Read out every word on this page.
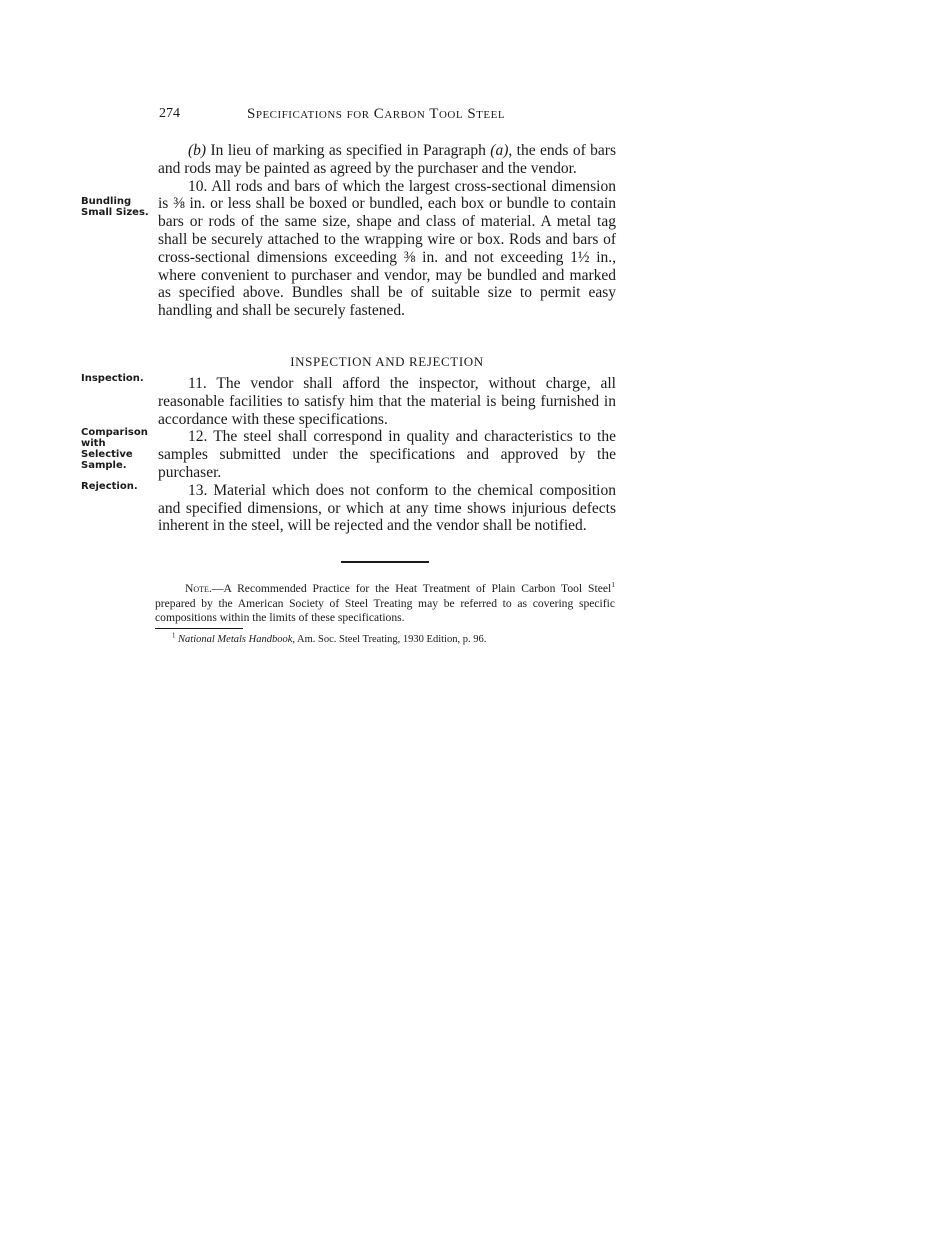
274	Specifications for Carbon Tool Steel
Bundling Small Sizes.
Inspection.
Comparison with Selective Sample.
Rejection.

(b) In lieu of marking as specified in Paragraph (a), the ends of bars and rods may be painted as agreed by the purchaser and the vendor.

10. All rods and bars of which the largest cross-sectional dimension is ⅜ in. or less shall be boxed or bundled, each box or bundle to contain bars or rods of the same size, shape and class of material. A metal tag shall be securely attached to the wrapping wire or box. Rods and bars of cross-sectional dimensions exceeding ⅜ in. and not exceeding 1½ in., where convenient to purchaser and vendor, may be bundled and marked as specified above. Bundles shall be of suitable size to permit easy handling and shall be securely fastened.

INSPECTION AND REJECTION

11. The vendor shall afford the inspector, without charge, all reasonable facilities to satisfy him that the material is being furnished in accordance with these specifications.

12. The steel shall correspond in quality and characteristics to the samples submitted under the specifications and approved by the purchaser.

13. Material which does not conform to the chemical composition and specified dimensions, or which at any time shows injurious defects inherent in the steel, will be rejected and the vendor shall be notified.

Note.—A Recommended Practice for the Heat Treatment of Plain Carbon Tool Steel$^1$ prepared by the American Society of Steel Treating may be referred to as covering specific compositions within the limits of these specifications.
$^1$ National Metals Handbook, Am. Soc. Steel Treating, 1930 Edition, p. 96.
